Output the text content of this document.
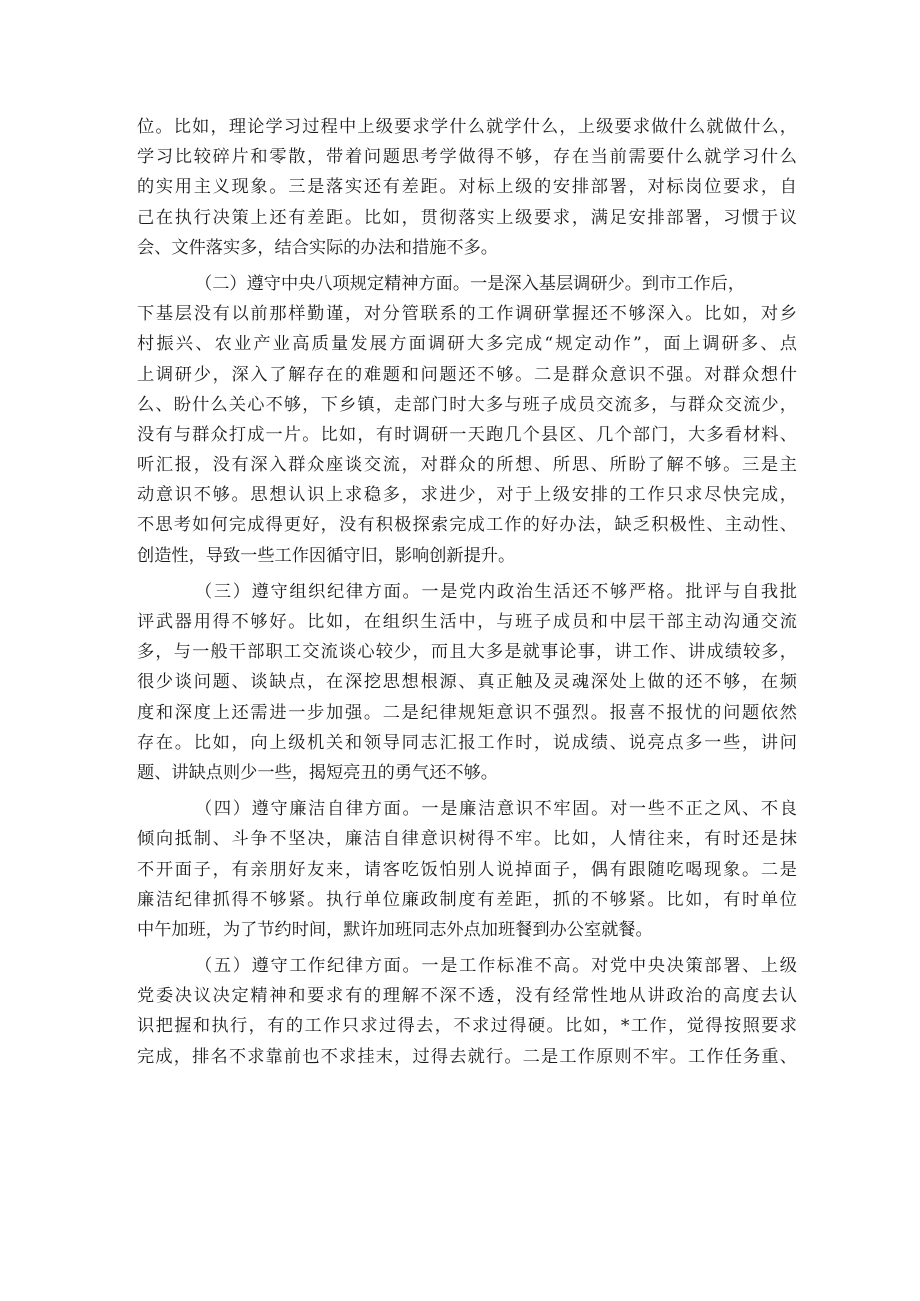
位。比如，理论学习过程中上级要求学什么就学什么，上级要求做什么就做什么，
学习比较碎片和零散，带着问题思考学做得不够，存在当前需要什么就学习什么
的实用主义现象。三是落实还有差距。对标上级的安排部署，对标岗位要求，自
己在执行决策上还有差距。比如，贯彻落实上级要求，满足安排部署，习惯于议
会、文件落实多，结合实际的办法和措施不多。
（二）遵守中央八项规定精神方面。一是深入基层调研少。到市工作后，
下基层没有以前那样勤谨，对分管联系的工作调研掌握还不够深入。比如，对乡
村振兴、农业产业高质量发展方面调研大多完成“规定动作”，面上调研多、点
上调研少，深入了解存在的难题和问题还不够。二是群众意识不强。对群众想什
么、盼什么关心不够，下乡镇，走部门时大多与班子成员交流多，与群众交流少，
没有与群众打成一片。比如，有时调研一天跑几个县区、几个部门，大多看材料、
听汇报，没有深入群众座谈交流，对群众的所想、所思、所盼了解不够。三是主
动意识不够。思想认识上求稳多，求进少，对于上级安排的工作只求尽快完成，
不思考如何完成得更好，没有积极探索完成工作的好办法，缺乏积极性、主动性、
创造性，导致一些工作因循守旧，影响创新提升。
（三）遵守组织纪律方面。一是党内政治生活还不够严格。批评与自我批
评武器用得不够好。比如，在组织生活中，与班子成员和中层干部主动沟通交流
多，与一般干部职工交流谈心较少，而且大多是就事论事，讲工作、讲成绩较多，
很少谈问题、谈缺点，在深挖思想根源、真正触及灵魂深处上做的还不够，在频
度和深度上还需进一步加强。二是纪律规矩意识不强烈。报喜不报忧的问题依然
存在。比如，向上级机关和领导同志汇报工作时，说成绩、说亮点多一些，讲问
题、讲缺点则少一些，揭短亮丑的勇气还不够。
（四）遵守廉洁自律方面。一是廉洁意识不牢固。对一些不正之风、不良
倾向抵制、斗争不坚决，廉洁自律意识树得不牢。比如，人情往来，有时还是抹
不开面子，有亲朋好友来，请客吃饭怕别人说掉面子，偶有跟随吃喝现象。二是
廉洁纪律抓得不够紧。执行单位廉政制度有差距，抓的不够紧。比如，有时单位
中午加班，为了节约时间，默许加班同志外点加班餐到办公室就餐。
（五）遵守工作纪律方面。一是工作标准不高。对党中央决策部署、上级
党委决议决定精神和要求有的理解不深不透，没有经常性地从讲政治的高度去认
识把握和执行，有的工作只求过得去，不求过得硬。比如，*工作，觉得按照要求
完成，排名不求靠前也不求挂末，过得去就行。二是工作原则不牢。工作任务重、
